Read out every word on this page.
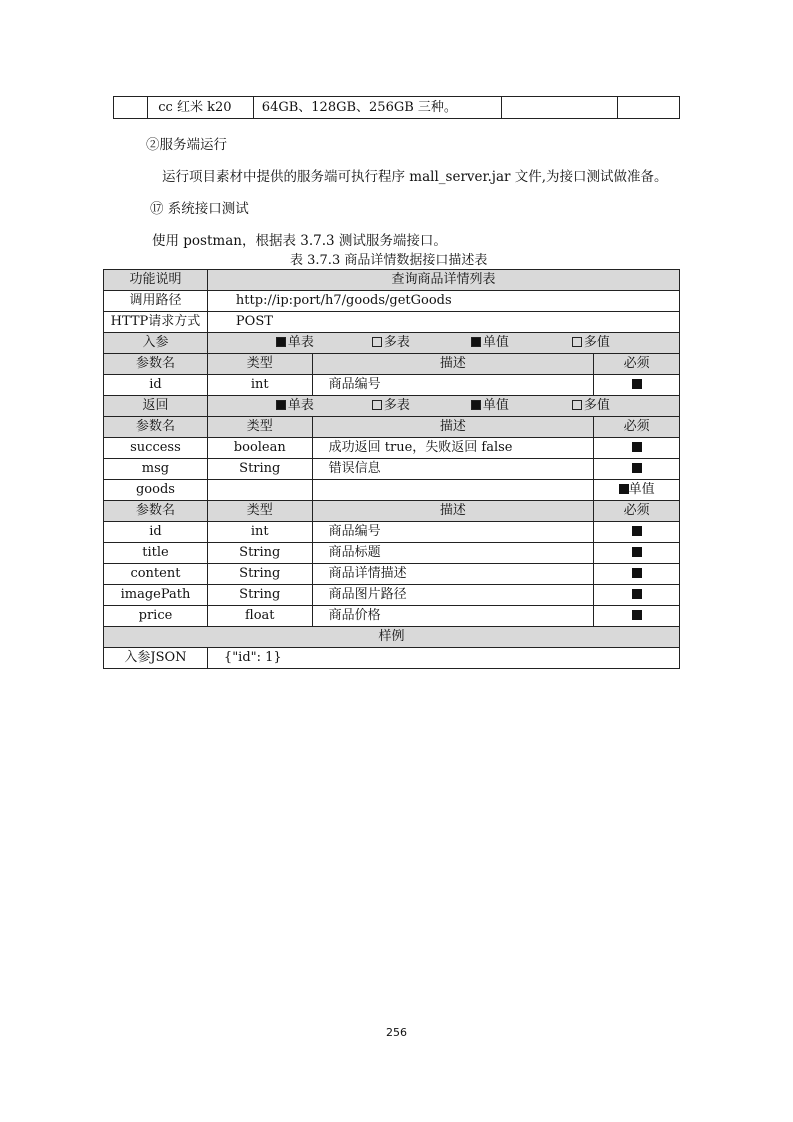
	cc 红米 k20	64GB、128GB、256GB 三种。		
②服务端运行
运行项目素材中提供的服务端可执行程序 mall_server.jar 文件,为接口测试做准备。
⑰ 系统接口测试
使用 postman，根据表 3.7.3 测试服务端接口。
表 3.7.3 商品详情数据接口描述表
功能说明	查询商品详情列表		
调用路径	http://ip:port/h7/goods/getGoods		
HTTP请求方式	POST		
入参	单表 多表 单值 多值		

参数名	类型	描述	必须
id	int	商品编号	
返回	单表 多表 单值 多值		

参数名	类型	描述	必须
success	boolean	成功返回 true，失败返回 false	
msg	String	错误信息	
goods			单值
参数名	类型	描述	必须
id	int	商品编号	
title	String	商品标题	
content	String	商品详情描述	
imagePath	String	商品图片路径	
price	float	商品价格	
样例			
入参JSON	{"id": 1}		
256
